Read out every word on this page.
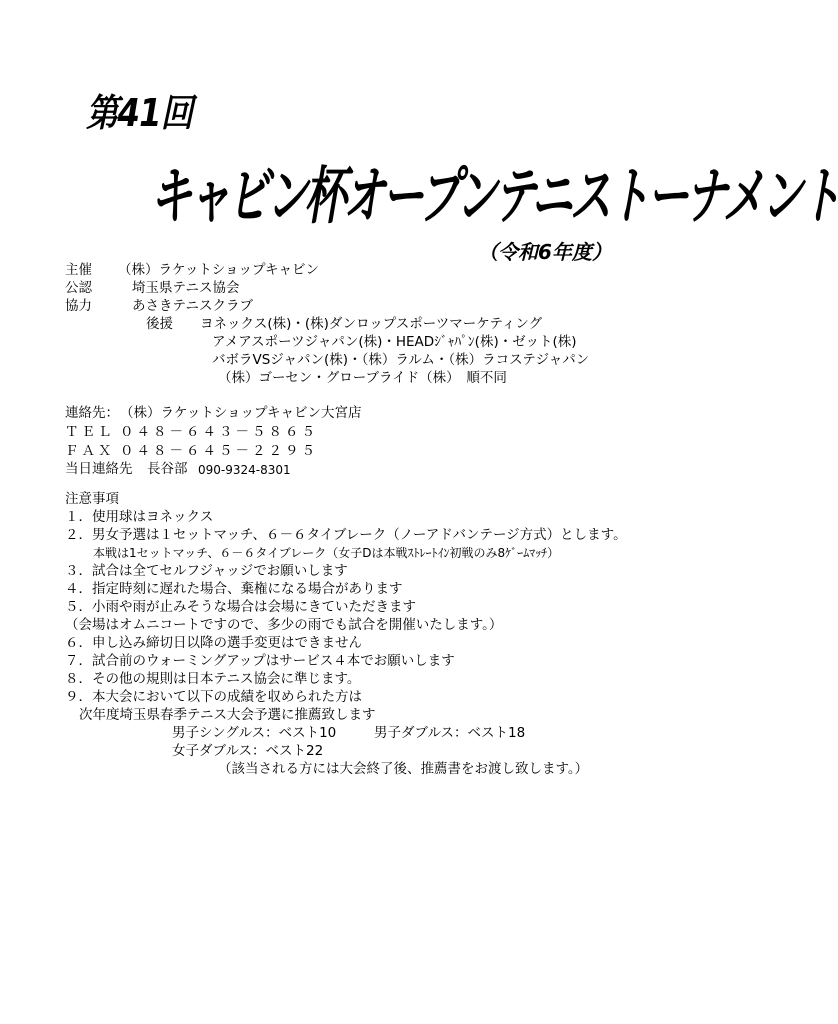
第41回
キャビン杯オープンテニストーナメント
（令和6年度）
主催 （株）ラケットショップキャビン
公認	埼玉県テニス協会
協力	あさきテニスクラブ
後援 ヨネックス(株)・(株)ダンロップスポーツマーケティング
アメアスポーツジャパン(株)・HEADｼﾞｬﾊﾟﾝ(株)・ゼット(株)
バボラVSジャパン(株)・（株）ラルム・（株）ラコステジャパン
（株）ゴーセン・グローブライド（株）　順不同
連絡先： （株）ラケットショップキャビン大宮店
ＴＥＬ ０４８－６４３－５８６５
ＦＡＸ ０４８－６４５－２２９５
当日連絡先 長谷部 090-9324-8301
注意事項
１．使用球はヨネックス
２．男女予選は１セットマッチ、６－６タイブレーク（ノーアドバンテージ方式）とします。
本戦は1セットマッチ、６－６タイブレーク（女子Dは本戦ｽﾄﾚｰﾄｲﾝ初戦のみ8ｹﾞｰﾑﾏｯﾁ）
３．試合は全てセルフジャッジでお願いします
４．指定時刻に遅れた場合、棄権になる場合があります
５．小雨や雨が止みそうな場合は会場にきていただきます
（会場はオムニコートですので、多少の雨でも試合を開催いたします。）
６．申し込み締切日以降の選手変更はできません
７．試合前のウォーミングアップはサービス４本でお願いします
８．その他の規則は日本テニス協会に準じます。
９．本大会において以下の成績を収められた方は
次年度埼玉県春季テニス大会予選に推薦致します
男子シングルス：ベスト10	男子ダブルス：ベスト18
女子ダブルス：ベスト22
（該当される方には大会終了後、推薦書をお渡し致します。）
